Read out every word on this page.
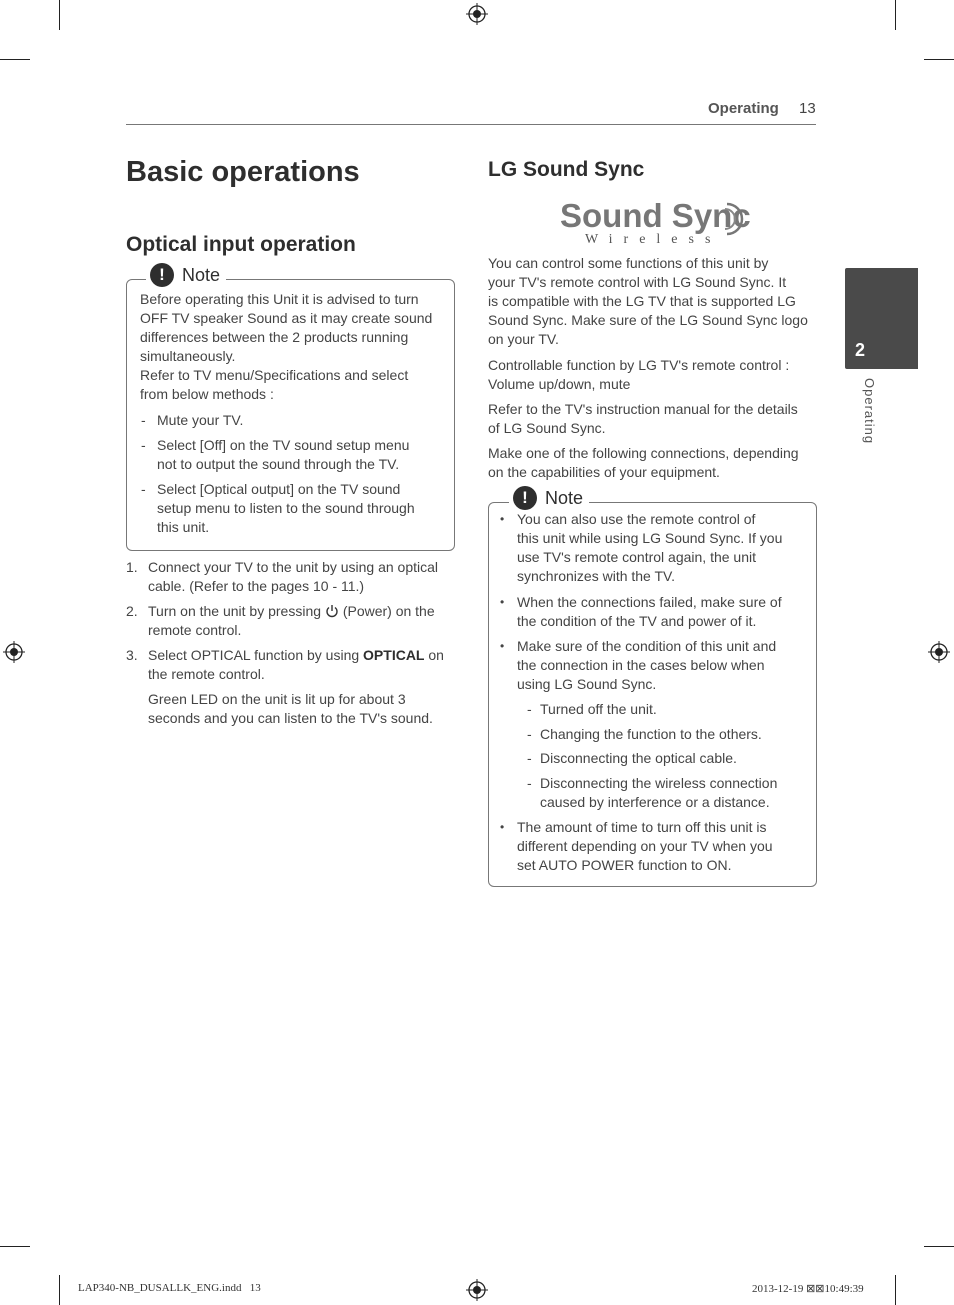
Operating 13
2
Operating
Basic operations
Optical input operation
! Note
Before operating this Unit it is advised to turn
OFF TV speaker Sound as it may create sound
differences between the 2 products running
simultaneously.
Refer to TV menu/Specifications and select
from below methods :
- Mute your TV.
- Select [Off] on the TV sound setup menu
not to output the sound through the TV.
- Select [Optical output] on the TV sound
setup menu to listen to the sound through
this unit.
1. Connect your TV to the unit by using an optical
cable. (Refer to the pages 10 - 11.)
2. Turn on the unit by pressing (Power) on the
remote control.
3. Select OPTICAL function by using OPTICAL on
the remote control.
Green LED on the unit is lit up for about 3
seconds and you can listen to the TV's sound.
LG Sound Sync
Sound Sync
Wireless
You can control some functions of this unit by
your TV's remote control with LG Sound Sync. It
is compatible with the LG TV that is supported LG
Sound Sync. Make sure of the LG Sound Sync logo
on your TV.
Controllable function by LG TV's remote control :
Volume up/down, mute
Refer to the TV's instruction manual for the details
of LG Sound Sync.
Make one of the following connections, depending
on the capabilities of your equipment.
! Note
• You can also use the remote control of
this unit while using LG Sound Sync. If you
use TV's remote control again, the unit
synchronizes with the TV.
• When the connections failed, make sure of
the condition of the TV and power of it.
• Make sure of the condition of this unit and
the connection in the cases below when
using LG Sound Sync.
- Turned off the unit.
- Changing the function to the others.
- Disconnecting the optical cable.
- Disconnecting the wireless connection
caused by interference or a distance.
• The amount of time to turn off this unit is
different depending on your TV when you
set AUTO POWER function to ON.
LAP340-NB_DUSALLK_ENG.indd   13	2013-12-19 ⊠⊠10:49:39
